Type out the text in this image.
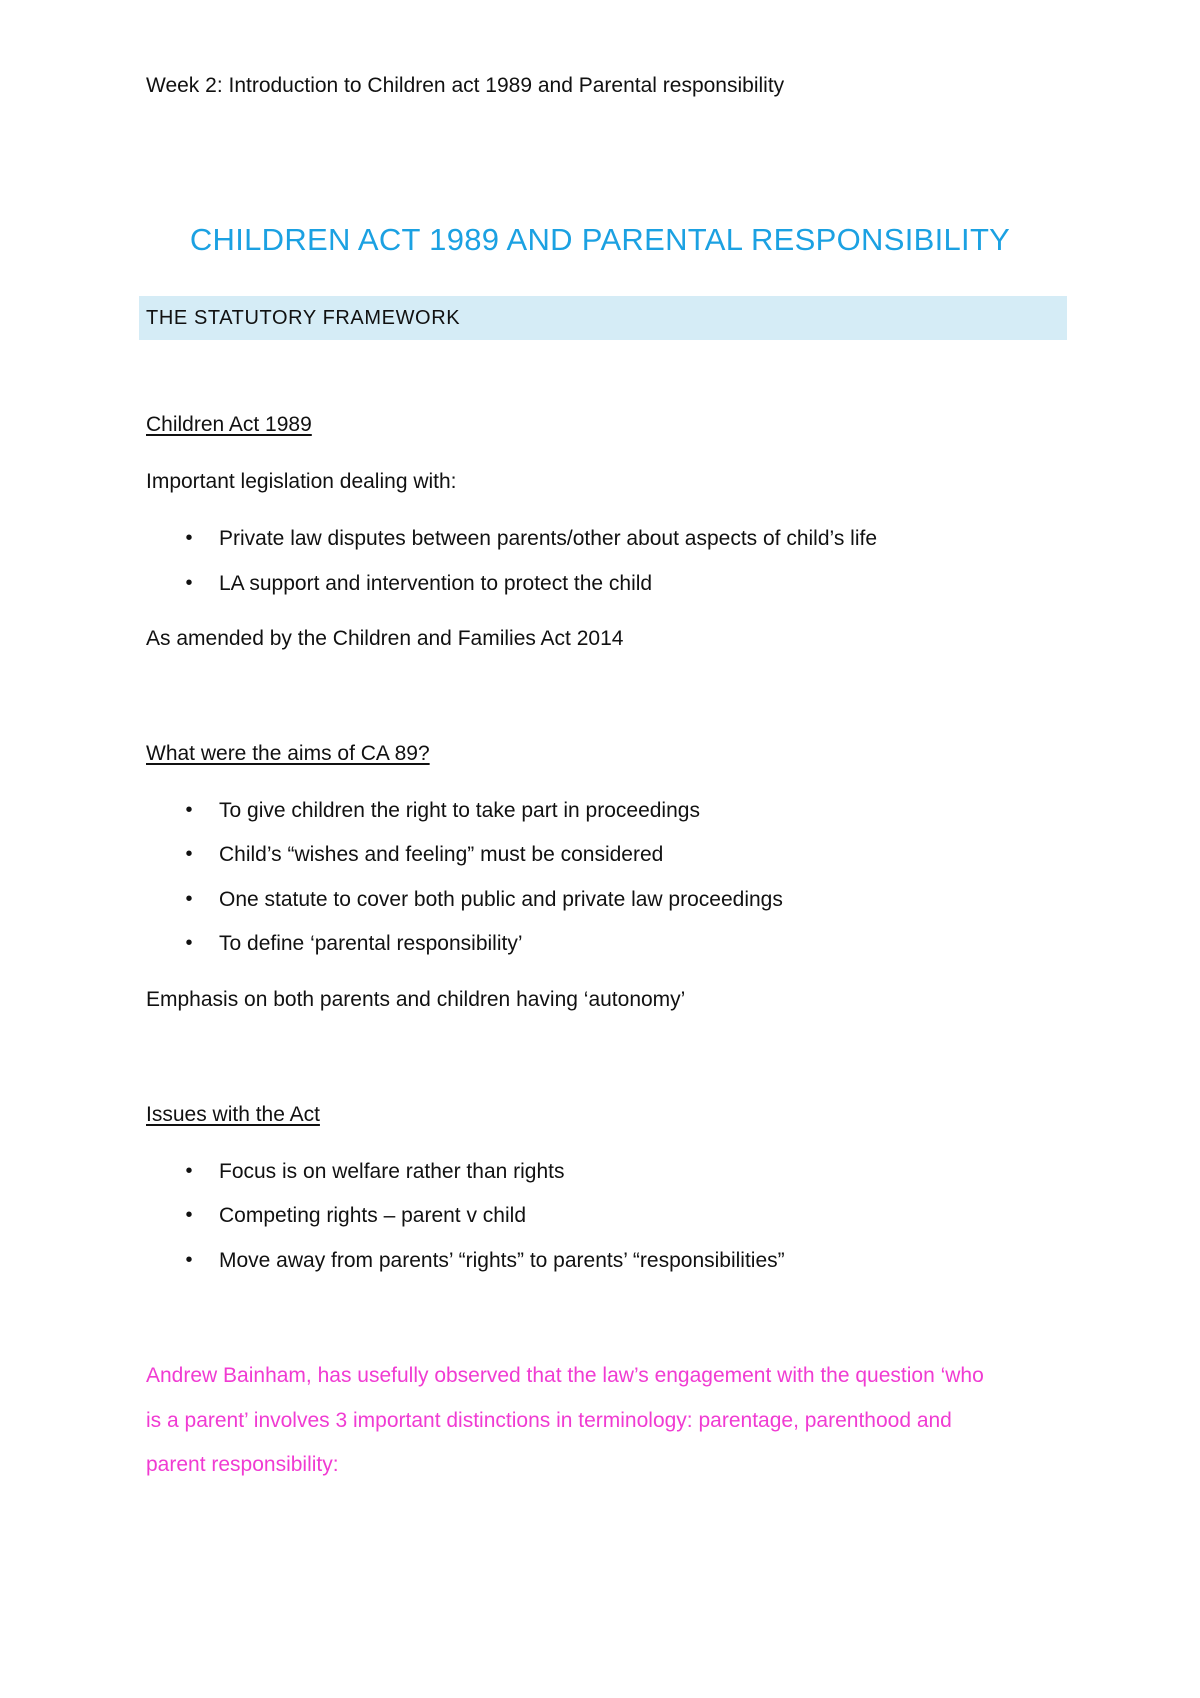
Week 2: Introduction to Children act 1989 and Parental responsibility
CHILDREN ACT 1989 AND PARENTAL RESPONSIBILITY
THE STATUTORY FRAMEWORK
Children Act 1989
Important legislation dealing with:
•	Private law disputes between parents/other about aspects of child’s life
•	LA support and intervention to protect the child
As amended by the Children and Families Act 2014
What were the aims of CA 89?
•	To give children the right to take part in proceedings
•	Child’s “wishes and feeling” must be considered
•	One statute to cover both public and private law proceedings
•	To define ‘parental responsibility’
Emphasis on both parents and children having ‘autonomy’
Issues with the Act
•	Focus is on welfare rather than rights
•	Competing rights – parent v child
•	Move away from parents’ “rights” to parents’ “responsibilities”
Andrew Bainham, has usefully observed that the law’s engagement with the question ‘who
is a parent’ involves 3 important distinctions in terminology: parentage, parenthood and
parent responsibility:
